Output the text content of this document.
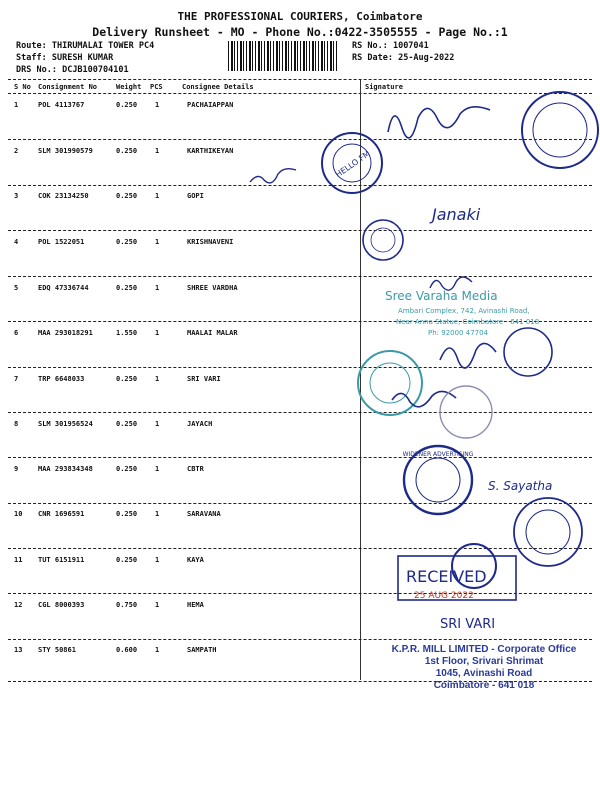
THE PROFESSIONAL COURIERS, Coimbatore
Delivery Runsheet - MO - Phone No.:0422-3505555 - Page No.:1
Route: THIRUMALAI TOWER PC4
Staff: SURESH KUMAR
DRS No.: DCJB100704101
RS No.: 1007041
RS Date: 25-Aug-2022
S No Consignment No	Weight PCS	Consignee Details	Signature
1	POL 4113767	0.250	1	PACHAIAPPAN
2	SLM 301990579	0.250	1	KARTHIKEYAN
3	COK 23134250	0.250	1	GOPI
4	POL 1522051	0.250	1	KRISHNAVENI
5	EDQ 47336744	0.250	1	SHREE VARDHA
6	MAA 293018291	1.550	1	MAALAI MALAR
7	TRP 6648033	0.250	1	SRI VARI
8	SLM 301956524	0.250	1	JAYACH
9	MAA 293834348	0.250	1	CBTR
10 CNR 1696591	0.250	1	SARAVANA
11 TUT 6151911	0.250	1	KAYA
12 CGL 8000393	0.750	1	HEMA
13 STY 50861	0.600	1	SAMPATH
HELLO FM
Janaki
Sree Varaha Media
Ambari Complex, 742, Avinashi Road,
Near Anna Statue, Coimbatore - 641 018
Ph: 92000 47704
WIDENER ADVERTISING
S. Sayatha
RECEIVED
25 AUG 2022
SRI VARI
K.P.R. MILL LIMITED - Corporate Office
1st Floor, Srivari Shrimat
1045, Avinashi Road
Coimbatore - 641 018
